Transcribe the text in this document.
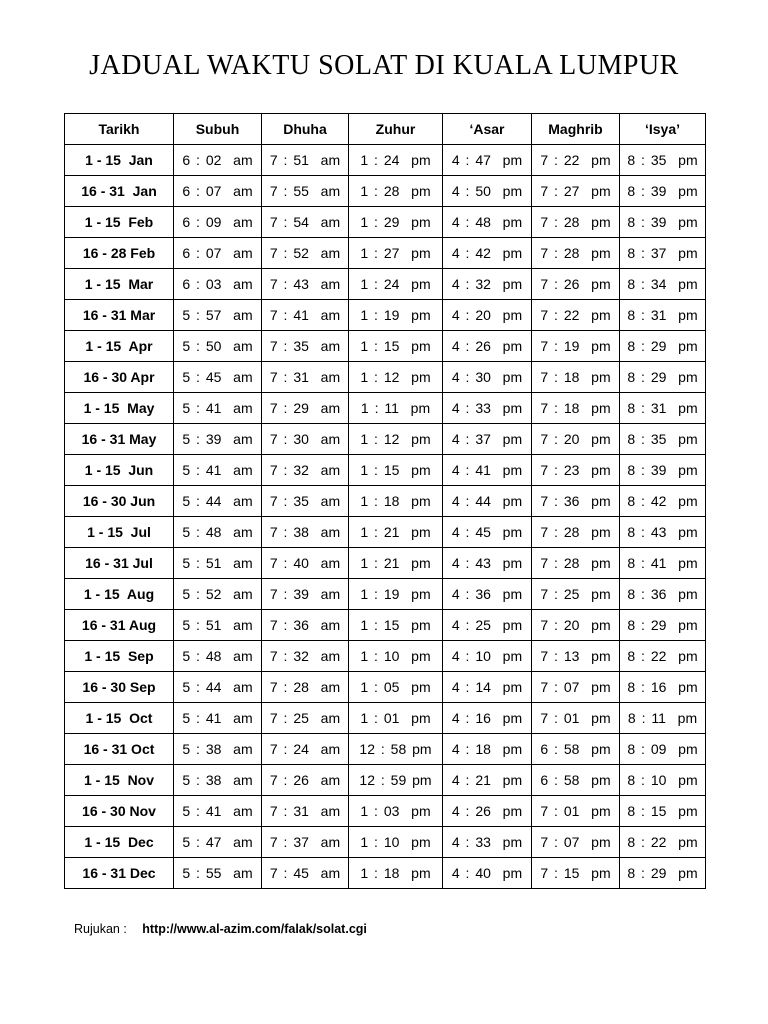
JADUAL WAKTU SOLAT DI KUALA LUMPUR
Tarikh	Subuh	Dhuha	Zuhur	‘Asar	Maghrib	‘Isya’
1 - 15  Jan	6 : 02  am	7 : 51  am	1 : 24  pm	4 : 47  pm	7 : 22  pm	8 : 35  pm
16 - 31  Jan	6 : 07  am	7 : 55  am	1 : 28  pm	4 : 50  pm	7 : 27  pm	8 : 39  pm
1 - 15  Feb	6 : 09  am	7 : 54  am	1 : 29  pm	4 : 48  pm	7 : 28  pm	8 : 39  pm
16 - 28 Feb	6 : 07  am	7 : 52  am	1 : 27  pm	4 : 42  pm	7 : 28  pm	8 : 37  pm
1 - 15  Mar	6 : 03  am	7 : 43  am	1 : 24  pm	4 : 32  pm	7 : 26  pm	8 : 34  pm
16 - 31 Mar	5 : 57  am	7 : 41  am	1 : 19  pm	4 : 20  pm	7 : 22  pm	8 : 31  pm
1 - 15  Apr	5 : 50  am	7 : 35  am	1 : 15  pm	4 : 26  pm	7 : 19  pm	8 : 29  pm
16 - 30 Apr	5 : 45  am	7 : 31  am	1 : 12  pm	4 : 30  pm	7 : 18  pm	8 : 29  pm
1 - 15  May	5 : 41  am	7 : 29  am	1 : 11  pm	4 : 33  pm	7 : 18  pm	8 : 31  pm
16 - 31 May	5 : 39  am	7 : 30  am	1 : 12  pm	4 : 37  pm	7 : 20  pm	8 : 35  pm
1 - 15  Jun	5 : 41  am	7 : 32  am	1 : 15  pm	4 : 41  pm	7 : 23  pm	8 : 39  pm
16 - 30 Jun	5 : 44  am	7 : 35  am	1 : 18  pm	4 : 44  pm	7 : 36  pm	8 : 42  pm
1 - 15  Jul	5 : 48  am	7 : 38  am	1 : 21  pm	4 : 45  pm	7 : 28  pm	8 : 43  pm
16 - 31 Jul	5 : 51  am	7 : 40  am	1 : 21  pm	4 : 43  pm	7 : 28  pm	8 : 41  pm
1 - 15  Aug	5 : 52  am	7 : 39  am	1 : 19  pm	4 : 36  pm	7 : 25  pm	8 : 36  pm
16 - 31 Aug	5 : 51  am	7 : 36  am	1 : 15  pm	4 : 25  pm	7 : 20  pm	8 : 29  pm
1 - 15  Sep	5 : 48  am	7 : 32  am	1 : 10  pm	4 : 10  pm	7 : 13  pm	8 : 22  pm
16 - 30 Sep	5 : 44  am	7 : 28  am	1 : 05  pm	4 : 14  pm	7 : 07  pm	8 : 16  pm
1 - 15  Oct	5 : 41  am	7 : 25  am	1 : 01  pm	4 : 16  pm	7 : 01  pm	8 : 11  pm
16 - 31 Oct	5 : 38  am	7 : 24  am	12 : 58 pm	4 : 18  pm	6 : 58  pm	8 : 09  pm
1 - 15  Nov	5 : 38  am	7 : 26  am	12 : 59 pm	4 : 21  pm	6 : 58  pm	8 : 10  pm
16 - 30 Nov	5 : 41  am	7 : 31  am	1 : 03  pm	4 : 26  pm	7 : 01  pm	8 : 15  pm
1 - 15  Dec	5 : 47  am	7 : 37  am	1 : 10  pm	4 : 33  pm	7 : 07  pm	8 : 22  pm
16 - 31 Dec	5 : 55  am	7 : 45  am	1 : 18  pm	4 : 40  pm	7 : 15  pm	8 : 29  pm
Rujukan : http://www.al-azim.com/falak/solat.cgi
